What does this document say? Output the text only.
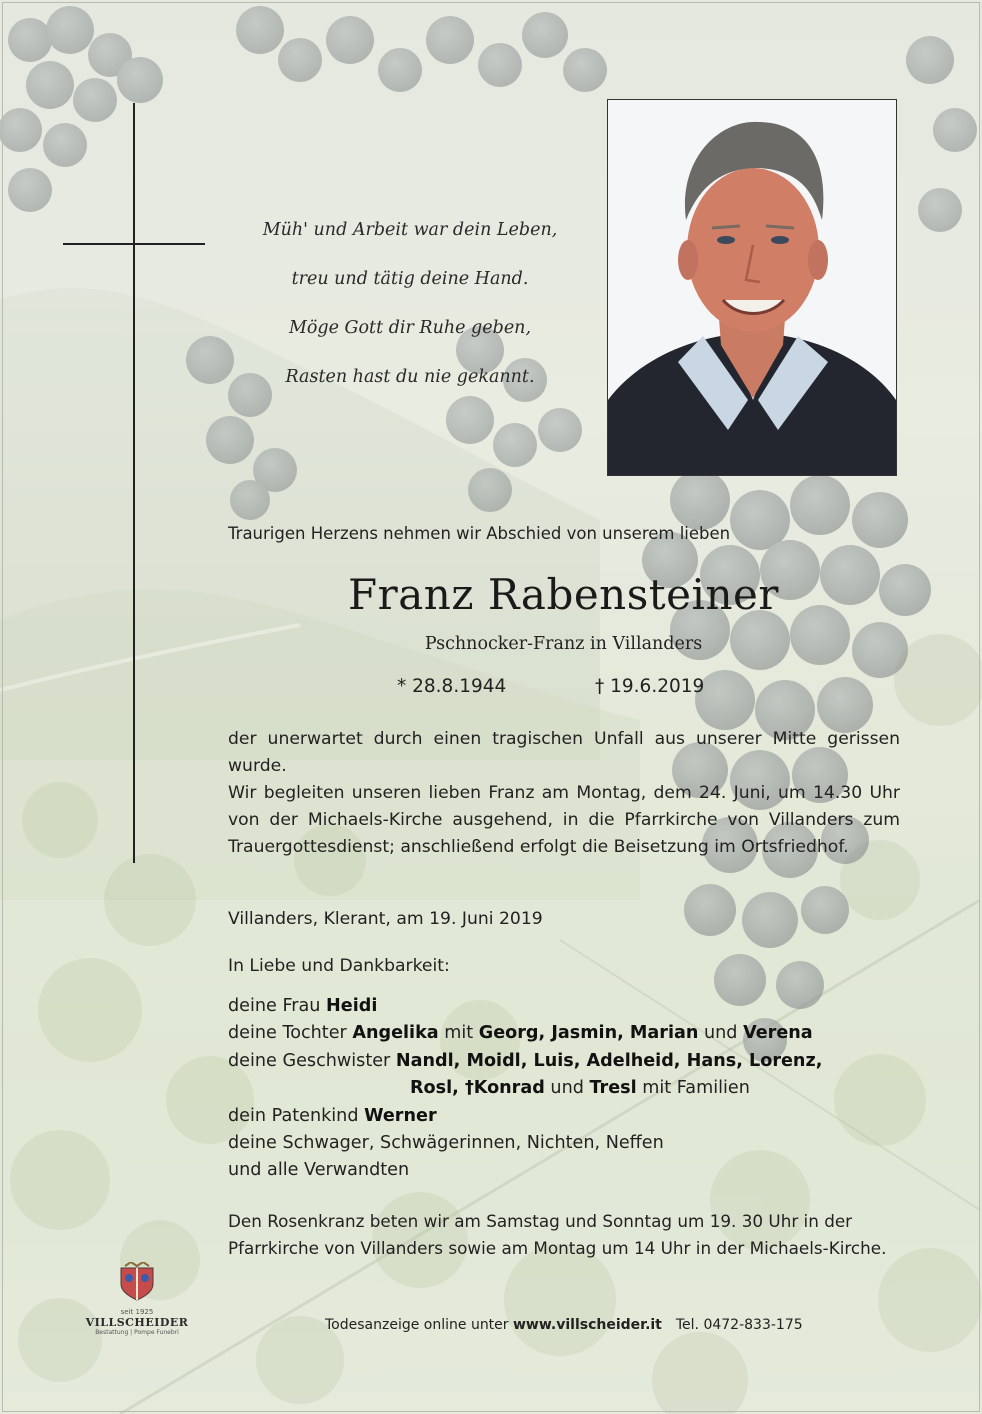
Müh' und Arbeit war dein Leben,
treu und tätig deine Hand.
Möge Gott dir Ruhe geben,
Rasten hast du nie gekannt.
Traurigen Herzens nehmen wir Abschied von unserem lieben
Franz Rabensteiner
Pschnocker-Franz in Villanders
* 28.8.1944	† 19.6.2019

der unerwartet durch einen tragischen Unfall aus unserer Mitte gerissen wurde.

Wir begleiten unseren lieben Franz am Montag, dem 24. Juni, um 14.30 Uhr von der Michaels-Kirche ausgehend, in die Pfarrkirche von Villanders zum Trauergottesdienst; anschließend erfolgt die Beisetzung im Ortsfriedhof.

Villanders, Klerant, am 19. Juni 2019
In Liebe und Dankbarkeit:
deine Frau Heidi
deine Tochter Angelika mit Georg, Jasmin, Marian und Verena
deine Geschwister Nandl, Moidl, Luis, Adelheid, Hans, Lorenz,
Rosl, †Konrad und Tresl mit Familien
dein Patenkind Werner
deine Schwager, Schwägerinnen, Nichten, Neffen
und alle Verwandten
Den Rosenkranz beten wir am Samstag und Sonntag um 19. 30 Uhr in der
Pfarrkirche von Villanders sowie am Montag um 14 Uhr in der Michaels-Kirche.
seit 1925
VILLSCHEIDER
Bestattung | Pompe Funebri	Todesanzeige online unter www.villscheider.it Tel. 0472-833-175
